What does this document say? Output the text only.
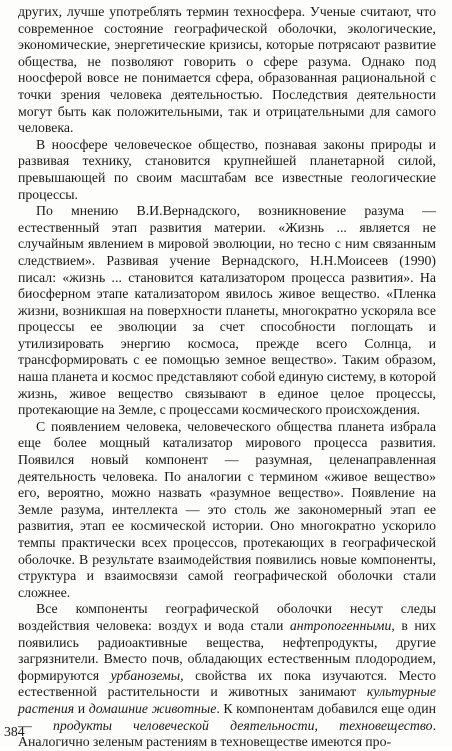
других, лучше употреблять термин техносфера. Ученые считают, что современное состояние географической оболочки, экологические, экономические, энергетические кризисы, которые потрясают развитие общества, не позволяют говорить о сфере разума. Однако под ноосферой вовсе не понимается сфера, образованная рациональной с точки зрения человека деятельностью. Последствия деятельности могут быть как положительными, так и отрицательными для самого человека.

В ноосфере человеческое общество, познавая законы природы и развивая технику, становится крупнейшей планетарной силой, превышающей по своим масштабам все известные геологические процессы.

По мнению В.И.Вернадского, возникновение разума — естественный этап развития материи. «Жизнь ... является не случайным явлением в мировой эволюции, но тесно с ним связанным следствием». Развивая учение Вернадского, Н.Н.Моисеев (1990) писал: «жизнь ... становится катализатором процесса развития». На биосферном этапе катализатором явилось живое вещество. «Пленка жизни, возникшая на поверхности планеты, многократно ускоряла все процессы ее эволюции за счет способности поглощать и утилизировать энергию космоса, прежде всего Солнца, и трансформировать с ее помощью земное вещество». Таким образом, наша планета и космос представляют собой единую систему, в которой жизнь, живое вещество связывают в единое целое процессы, протекающие на Земле, с процессами космического происхождения.

С появлением человека, человеческого общества планета избрала еще более мощный катализатор мирового процесса развития. Появился новый компонент — разумная, целенаправленная деятельность человека. По аналогии с термином «живое вещество» его, вероятно, можно назвать «разумное вещество». Появление на Земле разума, интеллекта — это столь же закономерный этап ее развития, этап ее космической истории. Оно многократно ускорило темпы практически всех процессов, протекающих в географической оболочке. В результате взаимодействия появились новые компоненты, структура и взаимосвязи самой географической оболочки стали сложнее.

Все компоненты географической оболочки несут следы воздействия человека: воздух и вода стали антропогенными, в них появились радиоактивные вещества, нефтепродукты, другие загрязнители. Вместо почв, обладающих естественным плодородием, формируются урбаноземы, свойства их пока изучаются. Место естественной растительности и животных занимают культурные растения и домашние животные. К компонентам добавился еще один — продукты человеческой деятельности, техновещество. Аналогично зеленым растениям в техновеществе имеются про-

384
